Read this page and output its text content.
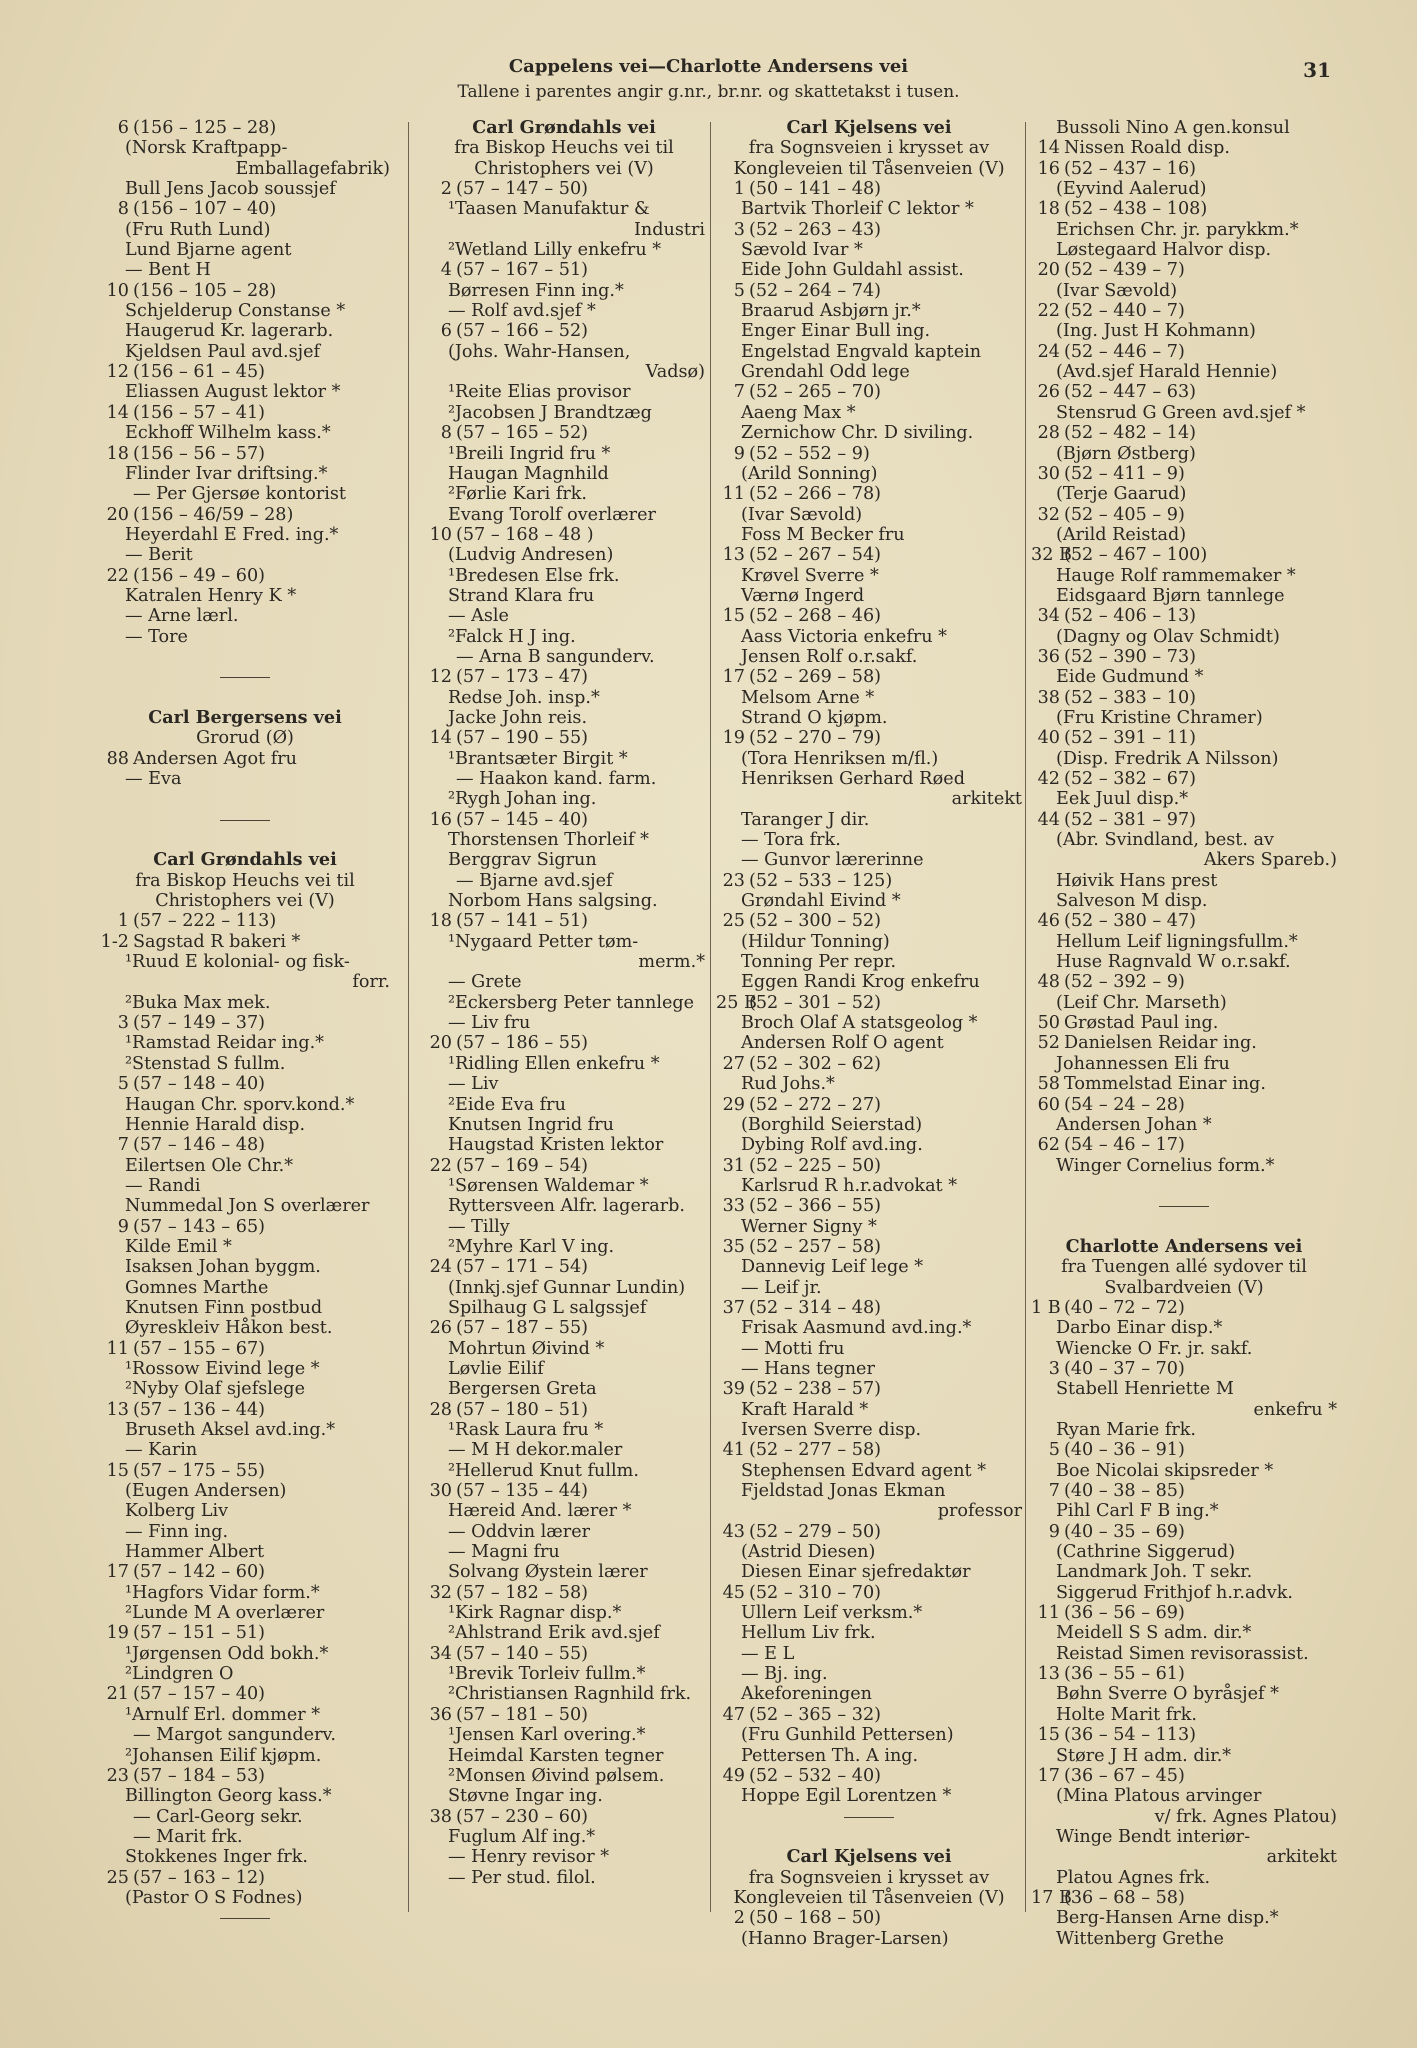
Cappelens vei—Charlotte Andersens vei
Tallene i parentes angir g.nr., br.nr. og skattetakst i tusen.
31
6 (156 – 125 – 28)
(Norsk Kraftpapp-
Emballagefabrik)
Bull Jens Jacob soussjef
8 (156 – 107 – 40)
(Fru Ruth Lund)
Lund Bjarne agent
— Bent H
10 (156 – 105 – 28)
Schjelderup Constanse *
Haugerud Kr. lagerarb.
Kjeldsen Paul avd.sjef
12 (156 – 61 – 45)
Eliassen August lektor *
14 (156 – 57 – 41)
Eckhoff Wilhelm kass.*
18 (156 – 56 – 57)
Flinder Ivar driftsing.*
— Per Gjersøe kontorist
20 (156 – 46/59 – 28)
Heyerdahl E Fred. ing.*
— Berit
22 (156 – 49 – 60)
Katralen Henry K *
— Arne lærl.
— Tore
Carl Bergersens vei
Grorud (Ø)
88 Andersen Agot fru
— Eva
Carl Grøndahls vei
fra Biskop Heuchs vei til
Christophers vei (V)
1 (57 – 222 – 113)
1-2 Sagstad R bakeri *
¹Ruud E kolonial- og fisk-
forr.
²Buka Max mek.
3 (57 – 149 – 37)
¹Ramstad Reidar ing.*
²Stenstad S fullm.
5 (57 – 148 – 40)
Haugan Chr. sporv.kond.*
Hennie Harald disp.
7 (57 – 146 – 48)
Eilertsen Ole Chr.*
— Randi
Nummedal Jon S overlærer
9 (57 – 143 – 65)
Kilde Emil *
Isaksen Johan byggm.
Gomnes Marthe
Knutsen Finn postbud
Øyreskleiv Håkon best.
11 (57 – 155 – 67)
¹Rossow Eivind lege *
²Nyby Olaf sjefslege
13 (57 – 136 – 44)
Bruseth Aksel avd.ing.*
— Karin
15 (57 – 175 – 55)
(Eugen Andersen)
Kolberg Liv
— Finn ing.
Hammer Albert
17 (57 – 142 – 60)
¹Hagfors Vidar form.*
²Lunde M A overlærer
19 (57 – 151 – 51)
¹Jørgensen Odd bokh.*
²Lindgren O
21 (57 – 157 – 40)
¹Arnulf Erl. dommer *
— Margot sangunderv.
²Johansen Eilif kjøpm.
23 (57 – 184 – 53)
Billington Georg kass.*
— Carl-Georg sekr.
— Marit frk.
Stokkenes Inger frk.
25 (57 – 163 – 12)
(Pastor O S Fodnes)
Carl Grøndahls vei
fra Biskop Heuchs vei til
Christophers vei (V)
2 (57 – 147 – 50)
¹Taasen Manufaktur &
Industri
²Wetland Lilly enkefru *
4 (57 – 167 – 51)
Børresen Finn ing.*
— Rolf avd.sjef *
6 (57 – 166 – 52)
(Johs. Wahr-Hansen,
Vadsø)
¹Reite Elias provisor
²Jacobsen J Brandtzæg
8 (57 – 165 – 52)
¹Breili Ingrid fru *
Haugan Magnhild
²Førlie Kari frk.
Evang Torolf overlærer
10 (57 – 168 – 48 )
(Ludvig Andresen)
¹Bredesen Else frk.
Strand Klara fru
— Asle
²Falck H J ing.
— Arna B sangunderv.
12 (57 – 173 – 47)
Redse Joh. insp.*
Jacke John reis.
14 (57 – 190 – 55)
¹Brantsæter Birgit *
— Haakon kand. farm.
²Rygh Johan ing.
16 (57 – 145 – 40)
Thorstensen Thorleif *
Berggrav Sigrun
— Bjarne avd.sjef
Norbom Hans salgsing.
18 (57 – 141 – 51)
¹Nygaard Petter tøm-
merm.*
— Grete
²Eckersberg Peter tannlege
— Liv fru
20 (57 – 186 – 55)
¹Ridling Ellen enkefru *
— Liv
²Eide Eva fru
Knutsen Ingrid fru
Haugstad Kristen lektor
22 (57 – 169 – 54)
¹Sørensen Waldemar *
Ryttersveen Alfr. lagerarb.
— Tilly
²Myhre Karl V ing.
24 (57 – 171 – 54)
(Innkj.sjef Gunnar Lundin)
Spilhaug G L salgssjef
26 (57 – 187 – 55)
Mohrtun Øivind *
Løvlie Eilif
Bergersen Greta
28 (57 – 180 – 51)
¹Rask Laura fru *
— M H dekor.maler
²Hellerud Knut fullm.
30 (57 – 135 – 44)
Hæreid And. lærer *
— Oddvin lærer
— Magni fru
Solvang Øystein lærer
32 (57 – 182 – 58)
¹Kirk Ragnar disp.*
²Ahlstrand Erik avd.sjef
34 (57 – 140 – 55)
¹Brevik Torleiv fullm.*
²Christiansen Ragnhild frk.
36 (57 – 181 – 50)
¹Jensen Karl overing.*
Heimdal Karsten tegner
²Monsen Øivind pølsem.
Støvne Ingar ing.
38 (57 – 230 – 60)
Fuglum Alf ing.*
— Henry revisor *
— Per stud. filol.
Carl Kjelsens vei
fra Sognsveien i krysset av
Kongleveien til Tåsenveien (V)
1 (50 – 141 – 48)
Bartvik Thorleif C lektor *
3 (52 – 263 – 43)
Sævold Ivar *
Eide John Guldahl assist.
5 (52 – 264 – 74)
Braarud Asbjørn jr.*
Enger Einar Bull ing.
Engelstad Engvald kaptein
Grendahl Odd lege
7 (52 – 265 – 70)
Aaeng Max *
Zernichow Chr. D siviling.
9 (52 – 552 – 9)
(Arild Sonning)
11 (52 – 266 – 78)
(Ivar Sævold)
Foss M Becker fru
13 (52 – 267 – 54)
Krøvel Sverre *
Værnø Ingerd
15 (52 – 268 – 46)
Aass Victoria enkefru *
Jensen Rolf o.r.sakf.
17 (52 – 269 – 58)
Melsom Arne *
Strand O kjøpm.
19 (52 – 270 – 79)
(Tora Henriksen m/fl.)
Henriksen Gerhard Røed
arkitekt
Taranger J dir.
— Tora frk.
— Gunvor lærerinne
23 (52 – 533 – 125)
Grøndahl Eivind *
25 (52 – 300 – 52)
(Hildur Tonning)
Tonning Per repr.
Eggen Randi Krog enkefru
25 B(52 – 301 – 52)
Broch Olaf A statsgeolog *
Andersen Rolf O agent
27 (52 – 302 – 62)
Rud Johs.*
29 (52 – 272 – 27)
(Borghild Seierstad)
Dybing Rolf avd.ing.
31 (52 – 225 – 50)
Karlsrud R h.r.advokat *
33 (52 – 366 – 55)
Werner Signy *
35 (52 – 257 – 58)
Dannevig Leif lege *
— Leif jr.
37 (52 – 314 – 48)
Frisak Aasmund avd.ing.*
— Motti fru
— Hans tegner
39 (52 – 238 – 57)
Kraft Harald *
Iversen Sverre disp.
41 (52 – 277 – 58)
Stephensen Edvard agent *
Fjeldstad Jonas Ekman
professor
43 (52 – 279 – 50)
(Astrid Diesen)
Diesen Einar sjefredaktør
45 (52 – 310 – 70)
Ullern Leif verksm.*
Hellum Liv frk.
— E L
— Bj. ing.
Akeforeningen
47 (52 – 365 – 32)
(Fru Gunhild Pettersen)
Pettersen Th. A ing.
49 (52 – 532 – 40)
Hoppe Egil Lorentzen *
Carl Kjelsens vei
fra Sognsveien i krysset av
Kongleveien til Tåsenveien (V)
2 (50 – 168 – 50)
(Hanno Brager-Larsen)
Bussoli Nino A gen.konsul
14 Nissen Roald disp.
16 (52 – 437 – 16)
(Eyvind Aalerud)
18 (52 – 438 – 108)
Erichsen Chr. jr. parykkm.*
Løstegaard Halvor disp.
20 (52 – 439 – 7)
(Ivar Sævold)
22 (52 – 440 – 7)
(Ing. Just H Kohmann)
24 (52 – 446 – 7)
(Avd.sjef Harald Hennie)
26 (52 – 447 – 63)
Stensrud G Green avd.sjef *
28 (52 – 482 – 14)
(Bjørn Østberg)
30 (52 – 411 – 9)
(Terje Gaarud)
32 (52 – 405 – 9)
(Arild Reistad)
32 B(52 – 467 – 100)
Hauge Rolf rammemaker *
Eidsgaard Bjørn tannlege
34 (52 – 406 – 13)
(Dagny og Olav Schmidt)
36 (52 – 390 – 73)
Eide Gudmund *
38 (52 – 383 – 10)
(Fru Kristine Chramer)
40 (52 – 391 – 11)
(Disp. Fredrik A Nilsson)
42 (52 – 382 – 67)
Eek Juul disp.*
44 (52 – 381 – 97)
(Abr. Svindland, best. av
Akers Spareb.)
Høivik Hans prest
Salveson M disp.
46 (52 – 380 – 47)
Hellum Leif ligningsfullm.*
Huse Ragnvald W o.r.sakf.
48 (52 – 392 – 9)
(Leif Chr. Marseth)
50 Grøstad Paul ing.
52 Danielsen Reidar ing.
Johannessen Eli fru
58 Tommelstad Einar ing.
60 (54 – 24 – 28)
Andersen Johan *
62 (54 – 46 – 17)
Winger Cornelius form.*
Charlotte Andersens vei
fra Tuengen allé sydover til
Svalbardveien (V)
1 B (40 – 72 – 72)
Darbo Einar disp.*
Wiencke O Fr. jr. sakf.
3 (40 – 37 – 70)
Stabell Henriette M
enkefru *
Ryan Marie frk.
5 (40 – 36 – 91)
Boe Nicolai skipsreder *
7 (40 – 38 – 85)
Pihl Carl F B ing.*
9 (40 – 35 – 69)
(Cathrine Siggerud)
Landmark Joh. T sekr.
Siggerud Frithjof h.r.advk.
11 (36 – 56 – 69)
Meidell S S adm. dir.*
Reistad Simen revisorassist.
13 (36 – 55 – 61)
Bøhn Sverre O byråsjef *
Holte Marit frk.
15 (36 – 54 – 113)
Støre J H adm. dir.*
17 (36 – 67 – 45)
(Mina Platous arvinger
v/ frk. Agnes Platou)
Winge Bendt interiør-
arkitekt
Platou Agnes frk.
17 B(36 – 68 – 58)
Berg-Hansen Arne disp.*
Wittenberg Grethe
